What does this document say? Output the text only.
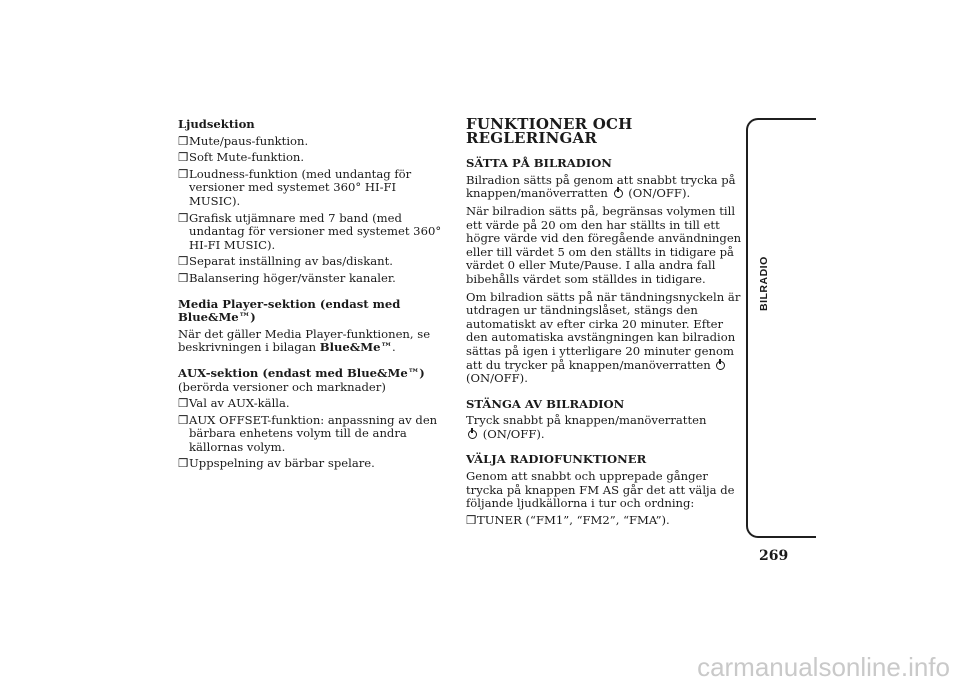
Ljudsektion

❒ Mute/paus-funktion.
❒ Soft Mute-funktion.
❒ Loudness-funktion (med undantag för versioner med systemet 360° HI-FI MUSIC).
❒ Grafisk utjämnare med 7 band (med undantag för versioner med systemet 360° HI-FI MUSIC).
❒ Separat inställning av bas/diskant.
❒ Balansering höger/vänster kanaler.

Media Player-sektion (endast med Blue&Me™)

När det gäller Media Player-funktionen, se beskrivningen i bilagan Blue&Me™.

AUX-sektion (endast med Blue&Me™)

(berörda versioner och marknader)

❒ Val av AUX-källa.
❒ AUX OFFSET-funktion: anpassning av den bärbara enhetens volym till de andra källornas volym.
❒ Uppspelning av bärbar spelare.

FUNKTIONER OCH REGLERINGAR

SÄTTA PÅ BILRADION

Bilradion sätts på genom att snabbt trycka på knappen/manöverratten (ON/OFF).

När bilradion sätts på, begränsas volymen till ett värde på 20 om den har ställts in till ett högre värde vid den föregående användningen eller till värdet 5 om den ställts in tidigare på värdet 0 eller Mute/Pause. I alla andra fall bibehålls värdet som ställdes in tidigare.

Om bilradion sätts på när tändningsnyckeln är utdragen ur tändningslåset, stängs den automatiskt av efter cirka 20 minuter. Efter den automatiska avstängningen kan bilradion sättas på igen i ytterligare 20 minuter genom att du trycker på knappen/manöverratten  (ON/OFF).

STÄNGA AV BILRADION

Tryck snabbt på knappen/manöverratten
(ON/OFF).

VÄLJA RADIOFUNKTIONER

Genom att snabbt och upprepade gånger trycka på knappen FM AS går det att välja de följande ljudkällorna i tur och ordning:

❒ TUNER (“FM1”, “FM2”, “FMA”).
BILRADIO
269
carmanualsonline.info
